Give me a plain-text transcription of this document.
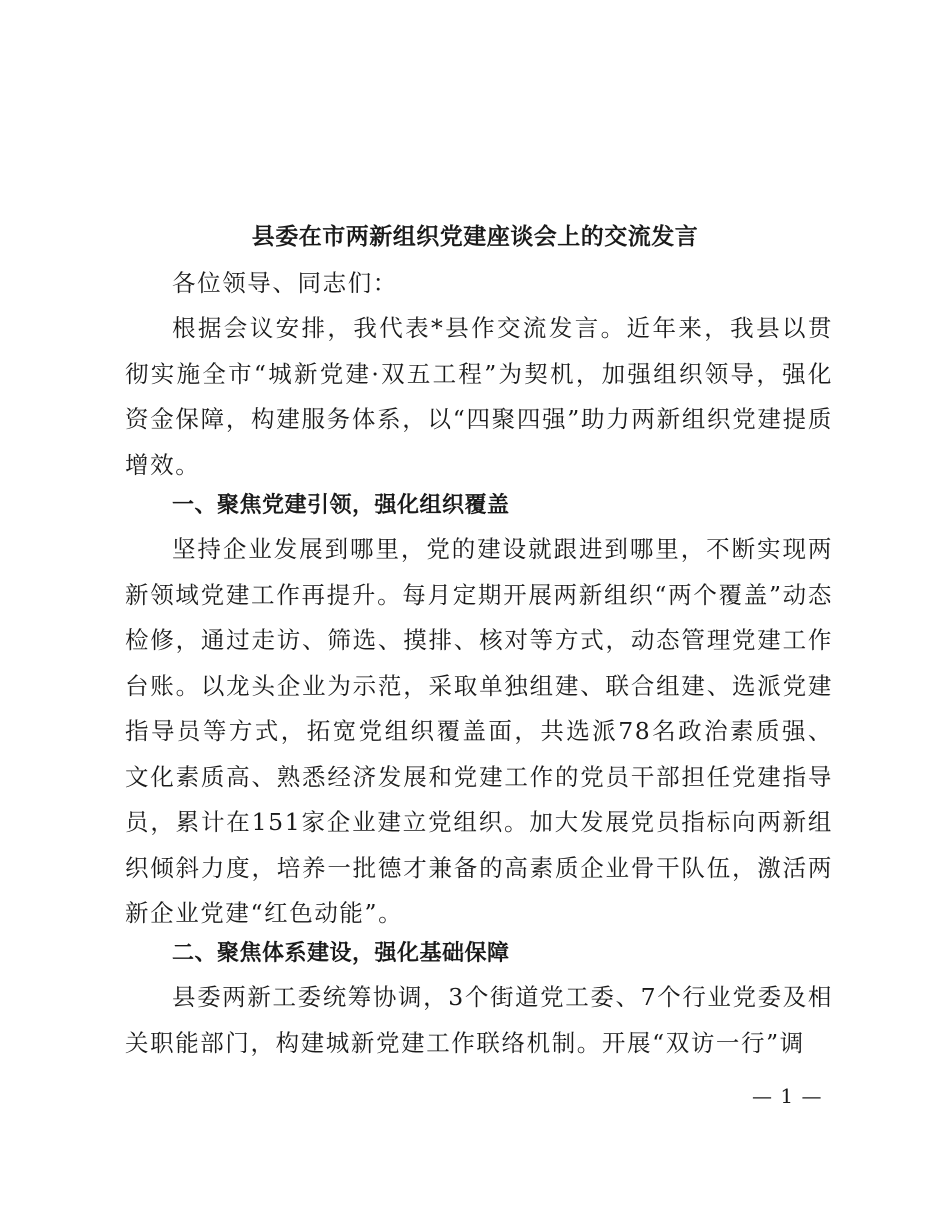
县委在市两新组织党建座谈会上的交流发言

各位领导、同志们：

根据会议安排，我代表*县作交流发言。近年来，我县以贯彻实施全市“城新党建·双五工程”为契机，加强组织领导，强化资金保障，构建服务体系，以“四聚四强”助力两新组织党建提质增效。

一、聚焦党建引领，强化组织覆盖

坚持企业发展到哪里，党的建设就跟进到哪里，不断实现两新领域党建工作再提升。每月定期开展两新组织“两个覆盖”动态检修，通过走访、筛选、摸排、核对等方式，动态管理党建工作台账。以龙头企业为示范，采取单独组建、联合组建、选派党建指导员等方式，拓宽党组织覆盖面，共选派78名政治素质强、文化素质高、熟悉经济发展和党建工作的党员干部担任党建指导员，累计在151家企业建立党组织。加大发展党员指标向两新组织倾斜力度，培养一批德才兼备的高素质企业骨干队伍，激活两新企业党建“红色动能”。

二、聚焦体系建设，强化基础保障

县委两新工委统筹协调，3个街道党工委、7个行业党委及相关职能部门，构建城新党建工作联络机制。开展“双访一行”调

— 1 —
